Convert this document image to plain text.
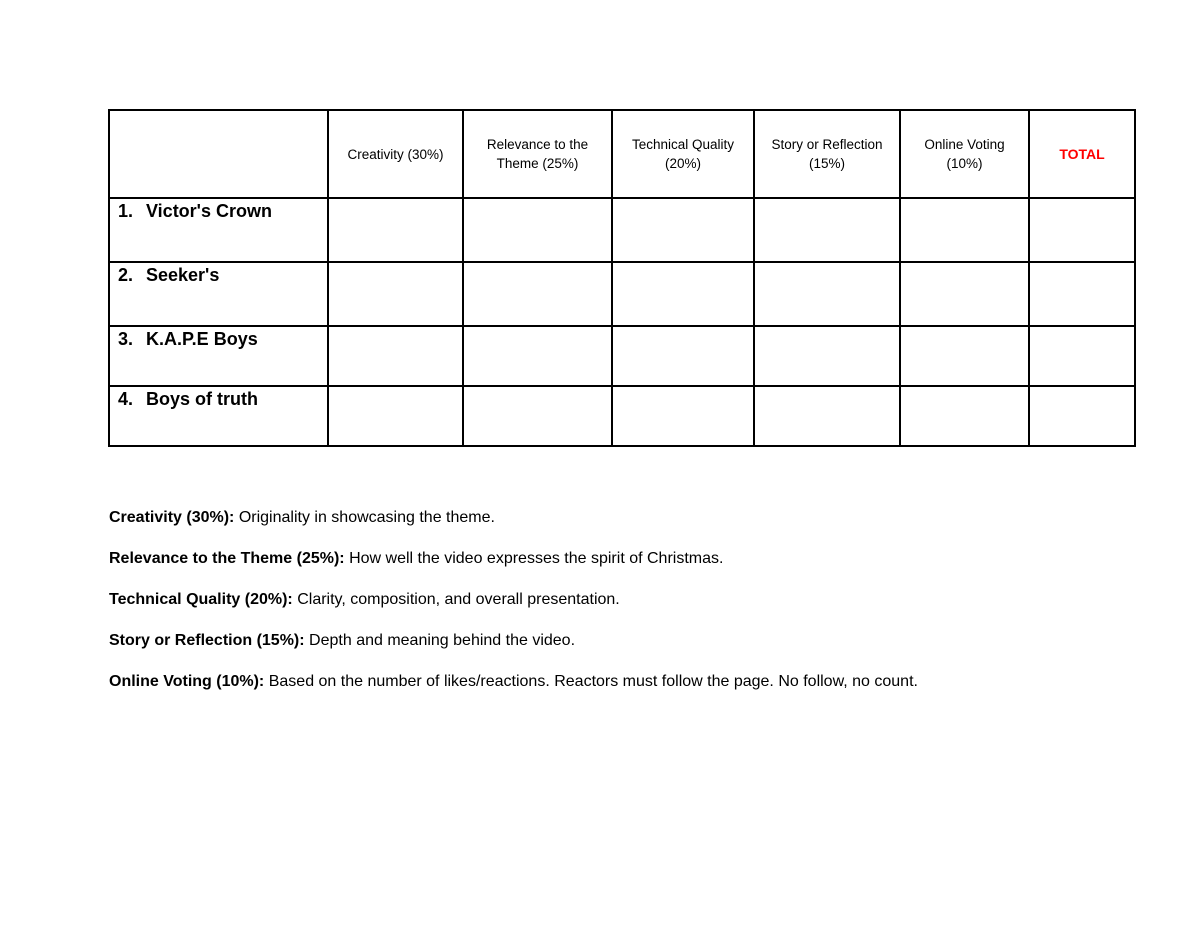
	Creativity (30%)	Relevance to the Theme (25%)	Technical Quality (20%)	Story or Reflection (15%)	Online Voting (10%)	TOTAL
1. Victor's Crown						
2. Seeker's						
3. K.A.P.E Boys						
4. Boys of truth						

Creativity (30%): Originality in showcasing the theme.

Relevance to the Theme (25%): How well the video expresses the spirit of Christmas.

Technical Quality (20%): Clarity, composition, and overall presentation.

Story or Reflection (15%): Depth and meaning behind the video.

Online Voting (10%): Based on the number of likes/reactions. Reactors must follow the page. No follow, no count.
